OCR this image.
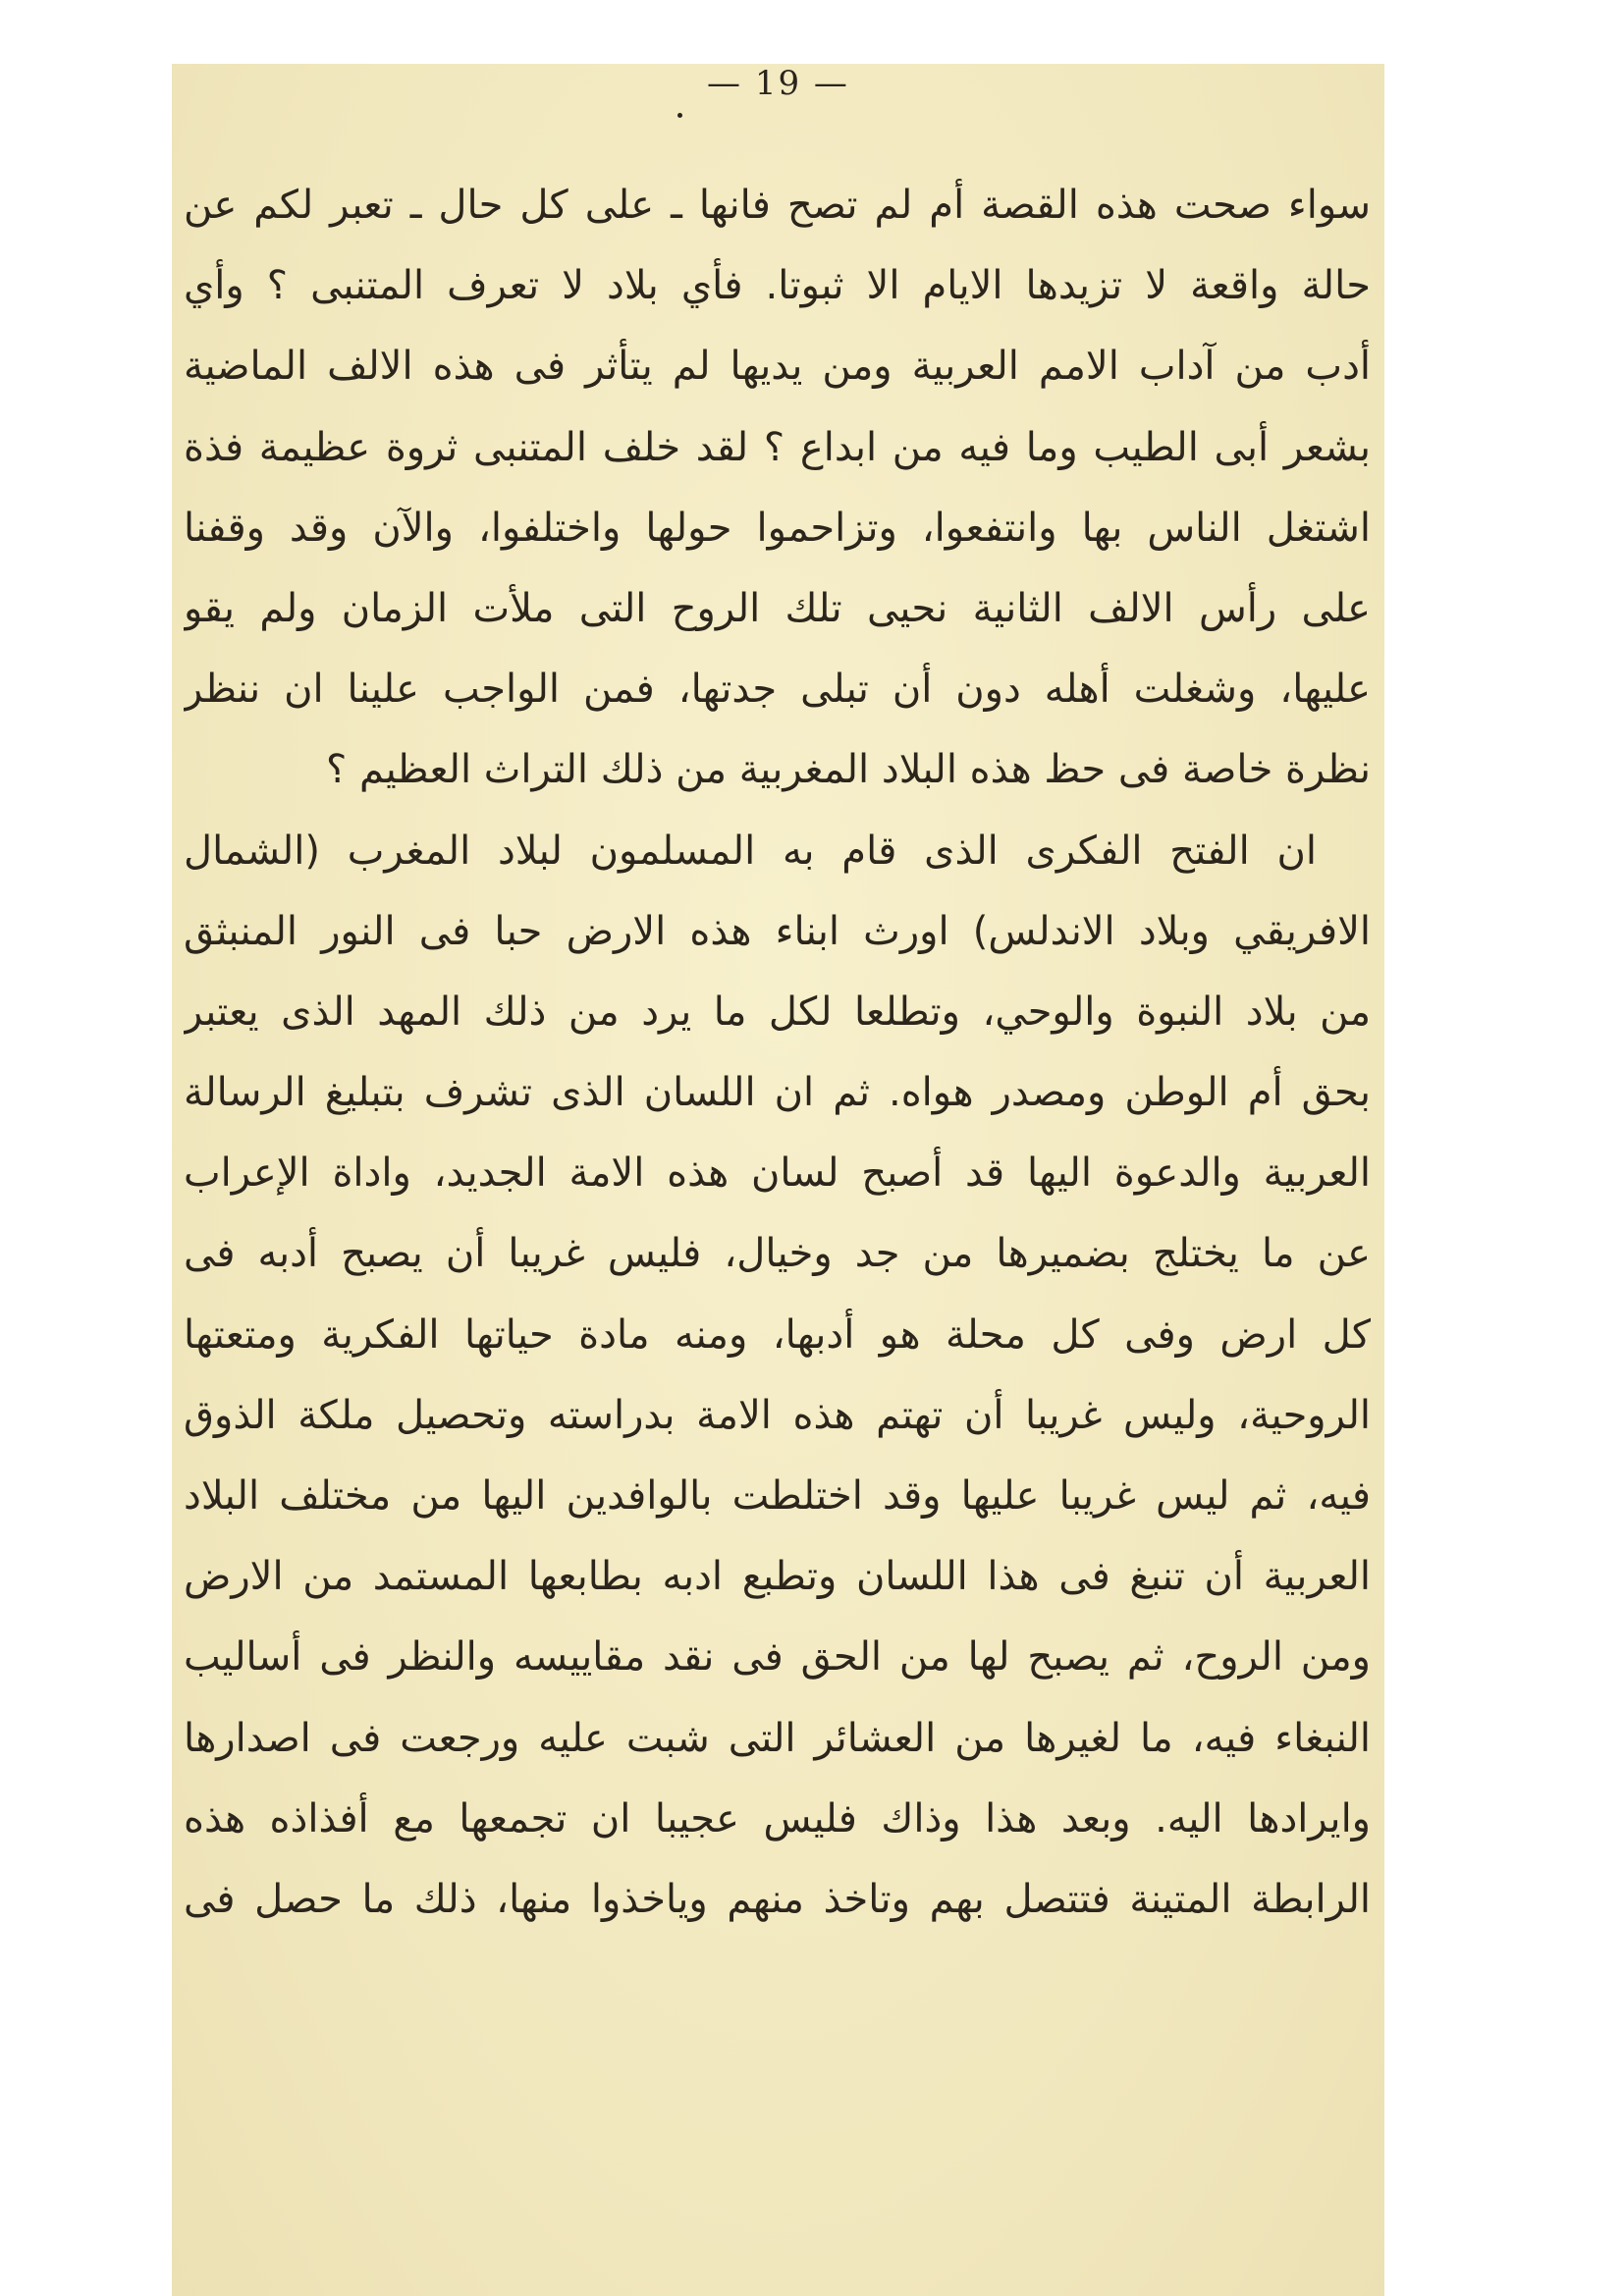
— 19 —
سواء صحت هذه القصة أم لم تصح فانها ـ على كل حال ـ تعبر لكم عن
حالة واقعة لا تزيدها الايام الا ثبوتا. فأي بلاد لا تعرف المتنبى ؟ وأي
أدب من آداب الامم العربية ومن يديها لم يتأثر فى هذه الالف الماضية
بشعر أبى الطيب وما فيه من ابداع ؟ لقد خلف المتنبى ثروة عظيمة فذة
اشتغل الناس بها وانتفعوا، وتزاحموا حولها واختلفوا، والآن وقد وقفنا
على رأس الالف الثانية نحيى تلك الروح التى ملأت الزمان ولم يقو
عليها، وشغلت أهله دون أن تبلى جدتها، فمن الواجب علينا ان ننظر
نظرة خاصة فى حظ هذه البلاد المغربية من ذلك التراث العظيم ؟
ان الفتح الفكرى الذى قام به المسلمون لبلاد المغرب (الشمال
الافريقي وبلاد الاندلس) اورث ابناء هذه الارض حبا فى النور المنبثق
من بلاد النبوة والوحي، وتطلعا لكل ما يرد من ذلك المهد الذى يعتبر
بحق أم الوطن ومصدر هواه. ثم ان اللسان الذى تشرف بتبليغ الرسالة
العربية والدعوة اليها قد أصبح لسان هذه الامة الجديد، واداة الإعراب
عن ما يختلج بضميرها من جد وخيال، فليس غريبا أن يصبح أدبه فى
كل ارض وفى كل محلة هو أدبها، ومنه مادة حياتها الفكرية ومتعتها
الروحية، وليس غريبا أن تهتم هذه الامة بدراسته وتحصيل ملكة الذوق
فيه، ثم ليس غريبا عليها وقد اختلطت بالوافدين اليها من مختلف البلاد
العربية أن تنبغ فى هذا اللسان وتطبع ادبه بطابعها المستمد من الارض
ومن الروح، ثم يصبح لها من الحق فى نقد مقاييسه والنظر فى أساليب
النبغاء فيه، ما لغيرها من العشائر التى شبت عليه ورجعت فى اصدارها
وايرادها اليه. وبعد هذا وذاك فليس عجيبا ان تجمعها مع أفذاذه هذه
الرابطة المتينة فتتصل بهم وتاخذ منهم وياخذوا منها، ذلك ما حصل فى
